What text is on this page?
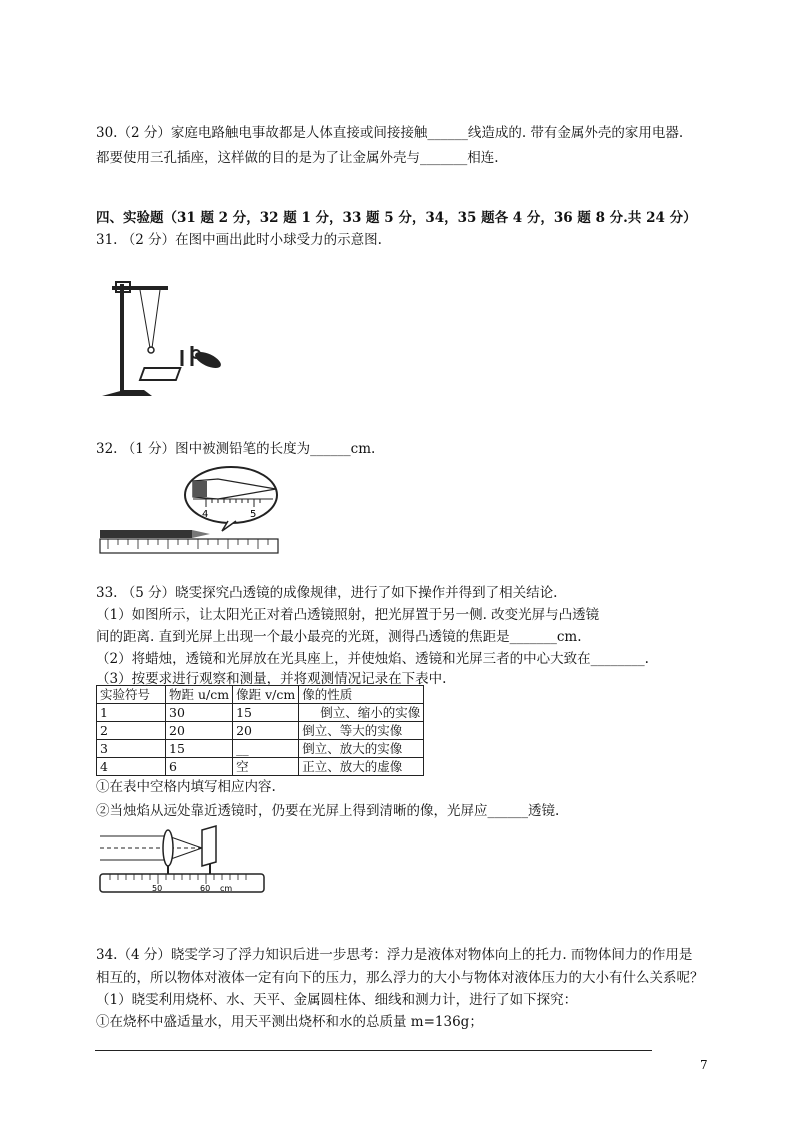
30.（2 分）家庭电路触电事故都是人体直接或间接接触______线造成的. 带有金属外壳的家用电器.
都要使用三孔插座，这样做的目的是为了让金属外壳与_______相连.
四、实验题（31 题 2 分，32 题 1 分，33 题 5 分，34，35 题各 4 分，36 题 8 分.共 24 分）
31. （2 分）在图中画出此时小球受力的示意图.
32. （1 分）图中被测铅笔的长度为______cm.
4	5
33. （5 分）晓雯探究凸透镜的成像规律，进行了如下操作并得到了相关结论.
（1）如图所示，让太阳光正对着凸透镜照射，把光屏置于另一侧. 改变光屏与凸透镜
间的距离. 直到光屏上出现一个最小最亮的光斑，测得凸透镜的焦距是_______cm.
（2）将蜡烛，透镜和光屏放在光具座上，并使烛焰、透镜和光屏三者的中心大致在________.
（3）按要求进行观察和测量，并将观测情况记录在下表中.
实验符号	物距 u/cm	像距 v/cm	像的性质
1	30	15	倒立、缩小的实像
2	20	20	倒立、等大的实像
3	15	__	倒立、放大的实像
4	6	空	正立、放大的虚像
①在表中空格内填写相应内容.
②当烛焰从远处靠近透镜时，仍要在光屏上得到清晰的像，光屏应______透镜.
50	60 cm
34.（4 分）晓雯学习了浮力知识后进一步思考：浮力是液体对物体向上的托力. 而物体间力的作用是
相互的，所以物体对液体一定有向下的压力，那么浮力的大小与物体对液体压力的大小有什么关系呢？
（1）晓雯利用烧杯、水、天平、金属圆柱体、细线和测力计，进行了如下探究：
①在烧杯中盛适量水，用天平测出烧杯和水的总质量 m=136g；
7
